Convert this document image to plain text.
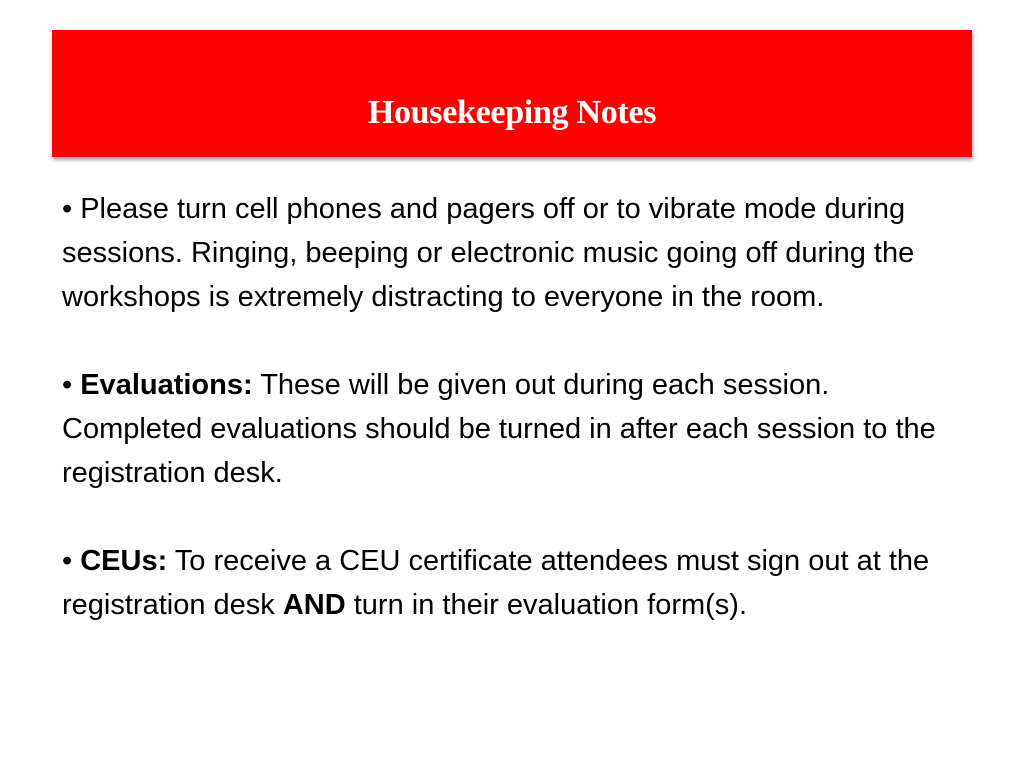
Housekeeping Notes

• Please turn cell phones and pagers off or to vibrate mode during sessions. Ringing, beeping or electronic music going off during the workshops is extremely distracting to everyone in the room.

• Evaluations: These will be given out during each session. Completed evaluations should be turned in after each session to the registration desk.

• CEUs: To receive a CEU certificate attendees must sign out at the registration desk AND turn in their evaluation form(s).
